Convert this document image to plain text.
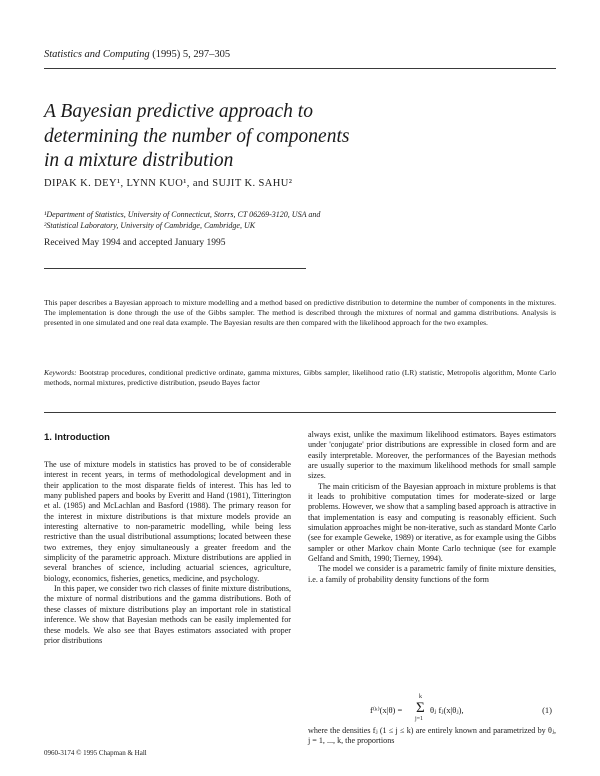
Statistics and Computing (1995) 5, 297–305
A Bayesian predictive approach to
determining the number of components
in a mixture distribution
DIPAK K. DEY¹, LYNN KUO¹, and SUJIT K. SAHU²
¹Department of Statistics, University of Connecticut, Storrs, CT 06269-3120, USA and
²Statistical Laboratory, University of Cambridge, Cambridge, UK
Received May 1994 and accepted January 1995
This paper describes a Bayesian approach to mixture modelling and a method based on predictive distribution to determine the number of components in the mixtures. The implementation is done through the use of the Gibbs sampler. The method is described through the mixtures of normal and gamma distributions. Analysis is presented in one simulated and one real data example. The Bayesian results are then compared with the likelihood approach for the two examples.
Keywords: Bootstrap procedures, conditional predictive ordinate, gamma mixtures, Gibbs sampler, likelihood ratio (LR) statistic, Metropolis algorithm, Monte Carlo methods, normal mixtures, predictive distribution, pseudo Bayes factor
1. Introduction

The use of mixture models in statistics has proved to be of considerable interest in recent years, in terms of methodological development and in their application to the most disparate fields of interest. This has led to many published papers and books by Everitt and Hand (1981), Titterington et al. (1985) and McLachlan and Basford (1988). The primary reason for the interest in mixture distributions is that mixture models provide an interesting alternative to non-parametric modelling, while being less restrictive than the usual distributional assumptions; located between these two extremes, they enjoy simultaneously a greater freedom and the simplicity of the parametric approach. Mixture distributions are applied in several branches of science, including actuarial sciences, agriculture, biology, economics, fisheries, genetics, medicine, and psychology.

In this paper, we consider two rich classes of finite mixture distributions, the mixture of normal distributions and the gamma distributions. Both of these classes of mixture distributions play an important role in statistical inference. We show that Bayesian methods can be easily implemented for these models. We also see that Bayes estimators associated with proper prior distributions

always exist, unlike the maximum likelihood estimators. Bayes estimators under 'conjugate' prior distributions are expressible in closed form and are easily interpretable. Moreover, the performances of the Bayesian methods are usually superior to the maximum likelihood methods for small sample sizes.

The main criticism of the Bayesian approach in mixture problems is that it leads to prohibitive computation times for moderate-sized or large problems. However, we show that a sampling based approach is attractive in that implementation is easy and computing is reasonably efficient. Such simulation approaches might be non-iterative, such as standard Monte Carlo (see for example Geweke, 1989) or iterative, as for example using the Gibbs sampler or other Markov chain Monte Carlo technique (see for example Gelfand and Smith, 1990; Tierney, 1994).

The model we consider is a parametric family of finite mixture densities, i.e. a family of probability density functions of the form

f⁽ᵏ⁾(x|θ) =
k
Σ
j=1
θⱼ fⱼ(x|θⱼ),	(1)

where the densities fⱼ (1 ≤ j ≤ k) are entirely known and parametrized by θⱼ, j = 1, ..., k, the proportions

0960-3174 © 1995 Chapman & Hall
